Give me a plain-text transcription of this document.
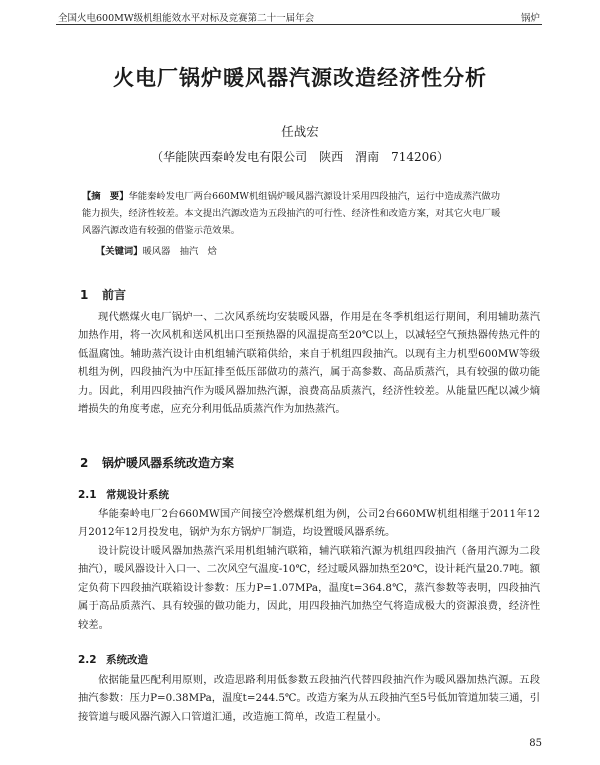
全国火电600MW级机组能效水平对标及竞赛第二十一届年会	锅炉
火电厂锅炉暖风器汽源改造经济性分析
任战宏
（华能陕西秦岭发电有限公司　陕西　渭南　714206）
【摘　要】华能秦岭发电厂两台660MW机组锅炉暖风器汽源设计采用四段抽汽，运行中造成蒸汽做功能力损失，经济性较差。本文提出汽源改造为五段抽汽的可行性、经济性和改造方案，对其它火电厂暖风器汽源改造有较强的借鉴示范效果。
【关键词】暖风器　抽汽　焓
1 前言
现代燃煤火电厂锅炉一、二次风系统均安装暖风器，作用是在冬季机组运行期间，利用辅助蒸汽加热作用，将一次风机和送风机出口至预热器的风温提高至20℃以上，以减轻空气预热器传热元件的低温腐蚀。辅助蒸汽设计由机组辅汽联箱供给，来自于机组四段抽汽。以现有主力机型600MW等级机组为例，四段抽汽为中压缸排至低压部做功的蒸汽，属于高参数、高品质蒸汽，具有较强的做功能力。因此，利用四段抽汽作为暖风器加热汽源，浪费高品质蒸汽，经济性较差。从能量匹配以减少熵增损失的角度考虑，应充分利用低品质蒸汽作为加热蒸汽。
2 锅炉暖风器系统改造方案
2.1 常规设计系统
华能秦岭电厂2台660MW国产间接空冷燃煤机组为例，公司2台660MW机组相继于2011年12月2012年12月投发电，锅炉为东方锅炉厂制造，均设置暖风器系统。
设计院设计暖风器加热蒸汽采用机组辅汽联箱，辅汽联箱汽源为机组四段抽汽（备用汽源为二段抽汽），暖风器设计入口一、二次风空气温度-10℃，经过暖风器加热至20℃，设计耗汽量20.7吨。额定负荷下四段抽汽联箱设计参数：压力P=1.07MPa，温度t=364.8℃，蒸汽参数等表明，四段抽汽属于高品质蒸汽、具有较强的做功能力，因此，用四段抽汽加热空气将造成极大的资源浪费，经济性较差。
2.2 系统改造
依据能量匹配利用原则，改造思路利用低参数五段抽汽代替四段抽汽作为暖风器加热汽源。五段抽汽参数：压力P=0.38MPa，温度t=244.5℃。改造方案为从五段抽汽至5号低加管道加装三通，引接管道与暖风器汽源入口管道汇通，改造施工简单，改造工程量小。
85
